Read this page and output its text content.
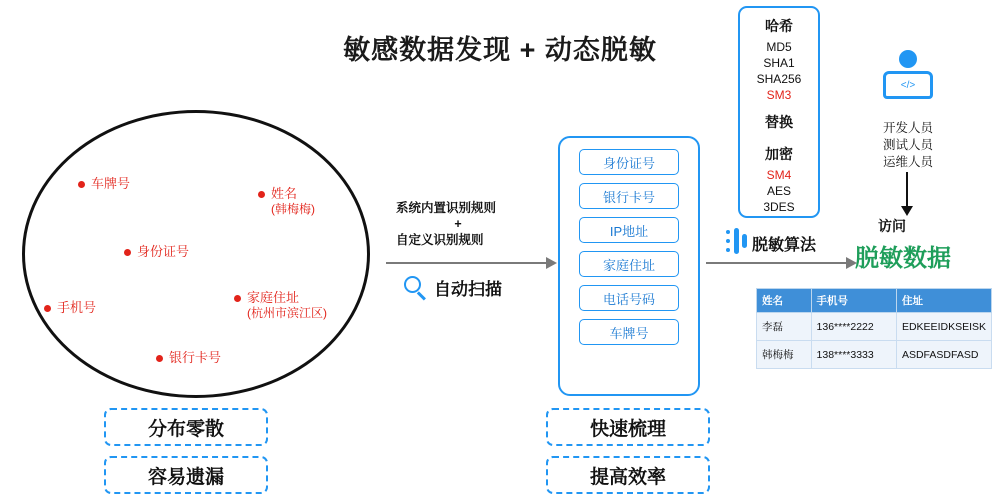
敏感数据发现 + 动态脱敏
车牌号
姓名
(韩梅梅)
身份证号
手机号
家庭住址
(杭州市滨江区)
银行卡号
分布零散
容易遗漏
系统内置识别规则
+
自定义识别规则
自动扫描
身份证号
银行卡号
IP地址
家庭住址
电话号码
车牌号
快速梳理
提高效率
哈希
MD5
SHA1
SHA256
SM3
替换
加密
SM4
AES
3DES
脱敏算法
</>
开发人员
测试人员
运维人员
访问
脱敏数据
姓名	手机号	住址
李磊	136****2222	EDKEEIDKSEISK
韩梅梅	138****3333	ASDFASDFASD
